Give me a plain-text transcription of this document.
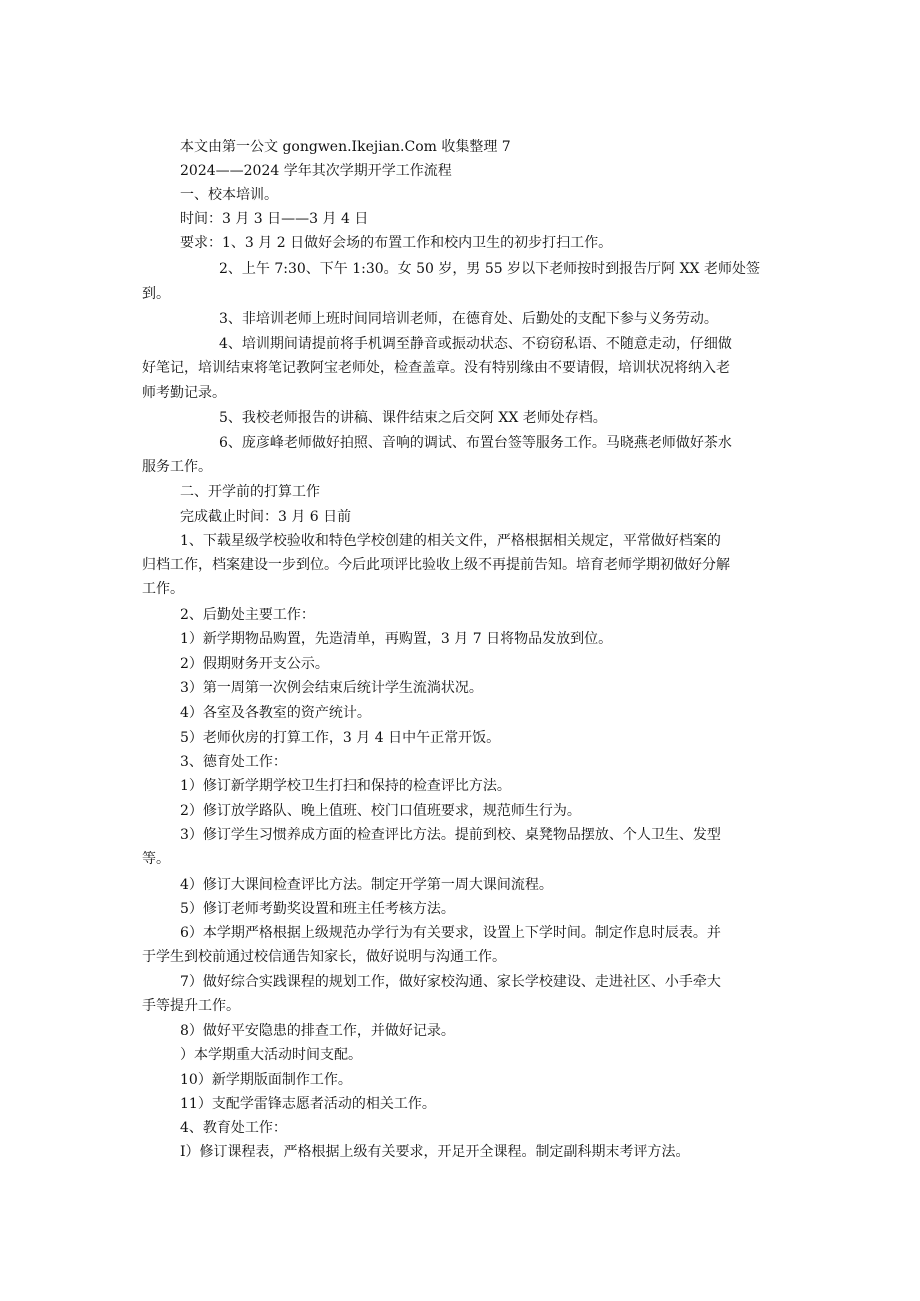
本文由第一公文 gongwen.Ikejian.Com 收集整理 7
2024——2024 学年其次学期开学工作流程
一、校本培训。
时间：3 月 3 日——3 月 4 日
要求：1、3 月 2 日做好会场的布置工作和校内卫生的初步打扫工作。
2、上午 7:30、下午 1:30。女 50 岁，男 55 岁以下老师按时到报告厅阿 XX 老师处签
到。
3、非培训老师上班时间同培训老师，在德育处、后勤处的支配下参与义务劳动。
4、培训期间请提前将手机调至静音或振动状态、不窃窃私语、不随意走动，仔细做
好笔记，培训结束将笔记教阿宝老师处，检查盖章。没有特别缘由不要请假，培训状况将纳入老
师考勤记录。
5、我校老师报告的讲稿、课件结束之后交阿 XX 老师处存档。
6、庞彦峰老师做好拍照、音响的调试、布置台签等服务工作。马晓燕老师做好茶水
服务工作。
二、开学前的打算工作
完成截止时间：3 月 6 日前
1、下载星级学校验收和特色学校创建的相关文件，严格根据相关规定，平常做好档案的
归档工作，档案建设一步到位。今后此项评比验收上级不再提前告知。培育老师学期初做好分解
工作。
2、后勤处主要工作：
1）新学期物品购置，先造清单，再购置，3 月 7 日将物品发放到位。
2）假期财务开支公示。
3）第一周第一次例会结束后统计学生流淌状况。
4）各室及各教室的资产统计。
5）老师伙房的打算工作，3 月 4 日中午正常开饭。
3、德育处工作：
1）修订新学期学校卫生打扫和保持的检查评比方法。
2）修订放学路队、晚上值班、校门口值班要求，规范师生行为。
3）修订学生习惯养成方面的检查评比方法。提前到校、桌凳物品摆放、个人卫生、发型
等。
4）修订大课间检查评比方法。制定开学第一周大课间流程。
5）修订老师考勤奖设置和班主任考核方法。
6）本学期严格根据上级规范办学行为有关要求，设置上下学时间。制定作息时辰表。并
于学生到校前通过校信通告知家长，做好说明与沟通工作。
7）做好综合实践课程的规划工作，做好家校沟通、家长学校建设、走进社区、小手牵大
手等提升工作。
8）做好平安隐患的排查工作，并做好记录。
）本学期重大活动时间支配。
10）新学期版面制作工作。
11）支配学雷锋志愿者活动的相关工作。
4、教育处工作：
I）修订课程表，严格根据上级有关要求，开足开全课程。制定副科期末考评方法。
